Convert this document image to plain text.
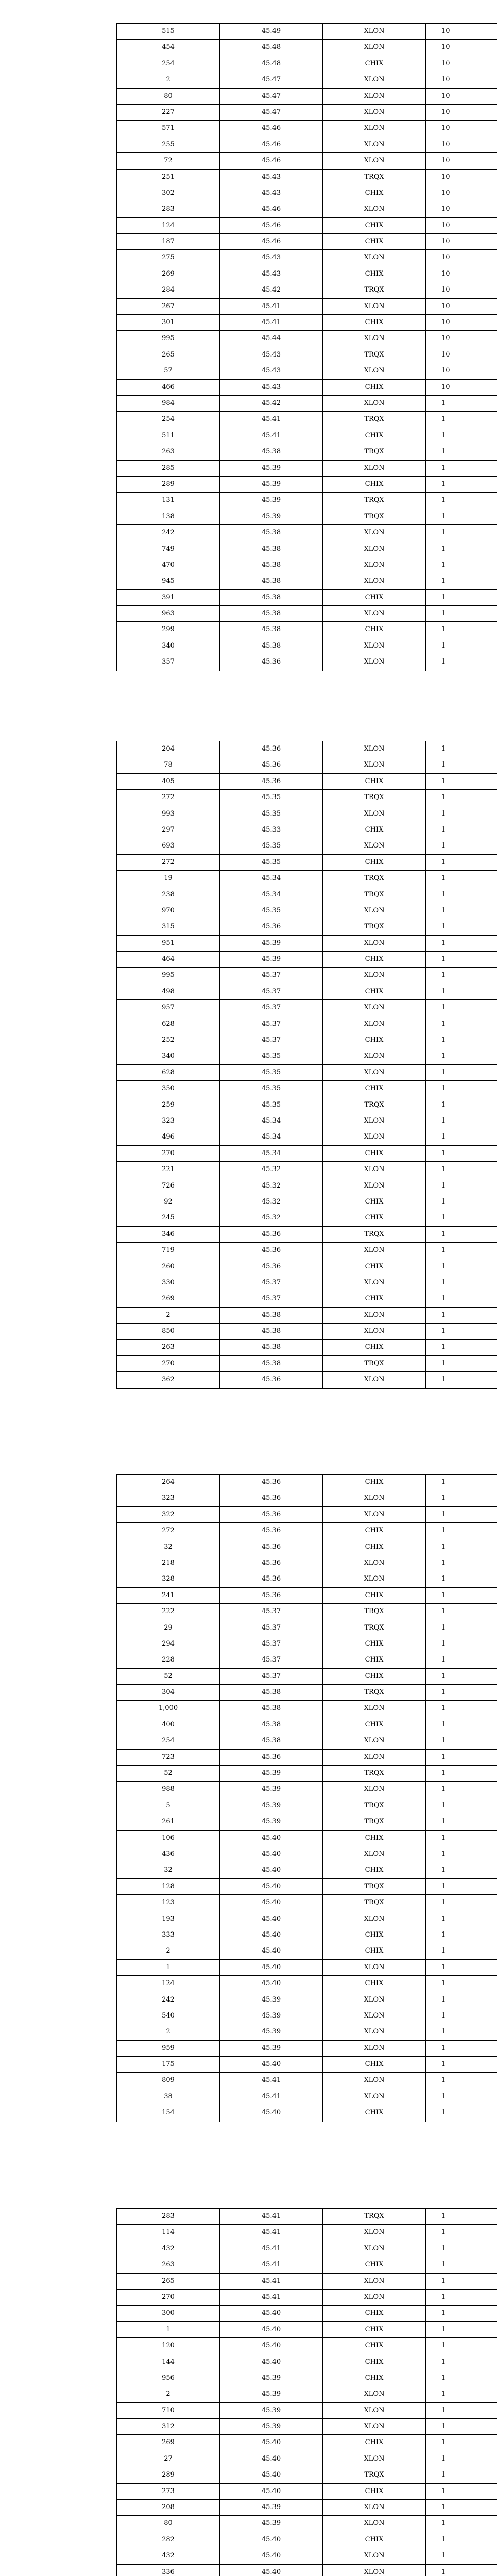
515	45.49	XLON	10
454	45.48	XLON	10
254	45.48	CHIX	10
2	45.47	XLON	10
80	45.47	XLON	10
227	45.47	XLON	10
571	45.46	XLON	10
255	45.46	XLON	10
72	45.46	XLON	10
251	45.43	TRQX	10
302	45.43	CHIX	10
283	45.46	XLON	10
124	45.46	CHIX	10
187	45.46	CHIX	10
275	45.43	XLON	10
269	45.43	CHIX	10
284	45.42	TRQX	10
267	45.41	XLON	10
301	45.41	CHIX	10
995	45.44	XLON	10
265	45.43	TRQX	10
57	45.43	XLON	10
466	45.43	CHIX	10
984	45.42	XLON	1
254	45.41	TRQX	1
511	45.41	CHIX	1
263	45.38	TRQX	1
285	45.39	XLON	1
289	45.39	CHIX	1
131	45.39	TRQX	1
138	45.39	TRQX	1
242	45.38	XLON	1
749	45.38	XLON	1
470	45.38	XLON	1
945	45.38	XLON	1
391	45.38	CHIX	1
963	45.38	XLON	1
299	45.38	CHIX	1
340	45.38	XLON	1
357	45.36	XLON	1
204	45.36	XLON	1
78	45.36	XLON	1
405	45.36	CHIX	1
272	45.35	TRQX	1
993	45.35	XLON	1
297	45.33	CHIX	1
693	45.35	XLON	1
272	45.35	CHIX	1
19	45.34	TRQX	1
238	45.34	TRQX	1
970	45.35	XLON	1
315	45.36	TRQX	1
951	45.39	XLON	1
464	45.39	CHIX	1
995	45.37	XLON	1
498	45.37	CHIX	1
957	45.37	XLON	1
628	45.37	XLON	1
252	45.37	CHIX	1
340	45.35	XLON	1
628	45.35	XLON	1
350	45.35	CHIX	1
259	45.35	TRQX	1
323	45.34	XLON	1
496	45.34	XLON	1
270	45.34	CHIX	1
221	45.32	XLON	1
726	45.32	XLON	1
92	45.32	CHIX	1
245	45.32	CHIX	1
346	45.36	TRQX	1
719	45.36	XLON	1
260	45.36	CHIX	1
330	45.37	XLON	1
269	45.37	CHIX	1
2	45.38	XLON	1
850	45.38	XLON	1
263	45.38	CHIX	1
270	45.38	TRQX	1
362	45.36	XLON	1
264	45.36	CHIX	1
323	45.36	XLON	1
322	45.36	XLON	1
272	45.36	CHIX	1
32	45.36	CHIX	1
218	45.36	XLON	1
328	45.36	XLON	1
241	45.36	CHIX	1
222	45.37	TRQX	1
29	45.37	TRQX	1
294	45.37	CHIX	1
228	45.37	CHIX	1
52	45.37	CHIX	1
304	45.38	TRQX	1
1,000	45.38	XLON	1
400	45.38	CHIX	1
254	45.38	XLON	1
723	45.36	XLON	1
52	45.39	TRQX	1
988	45.39	XLON	1
5	45.39	TRQX	1
261	45.39	TRQX	1
106	45.40	CHIX	1
436	45.40	XLON	1
32	45.40	CHIX	1
128	45.40	TRQX	1
123	45.40	TRQX	1
193	45.40	XLON	1
333	45.40	CHIX	1
2	45.40	CHIX	1
1	45.40	XLON	1
124	45.40	CHIX	1
242	45.39	XLON	1
540	45.39	XLON	1
2	45.39	XLON	1
959	45.39	XLON	1
175	45.40	CHIX	1
809	45.41	XLON	1
38	45.41	XLON	1
154	45.40	CHIX	1
283	45.41	TRQX	1
114	45.41	XLON	1
432	45.41	XLON	1
263	45.41	CHIX	1
265	45.41	XLON	1
270	45.41	XLON	1
300	45.40	CHIX	1
1	45.40	CHIX	1
120	45.40	CHIX	1
144	45.40	CHIX	1
956	45.39	CHIX	1
2	45.39	XLON	1
710	45.39	XLON	1
312	45.39	XLON	1
269	45.40	CHIX	1
27	45.40	XLON	1
289	45.40	TRQX	1
273	45.40	CHIX	1
208	45.39	XLON	1
80	45.39	XLON	1
282	45.40	CHIX	1
432	45.40	XLON	1
336	45.40	XLON	1
